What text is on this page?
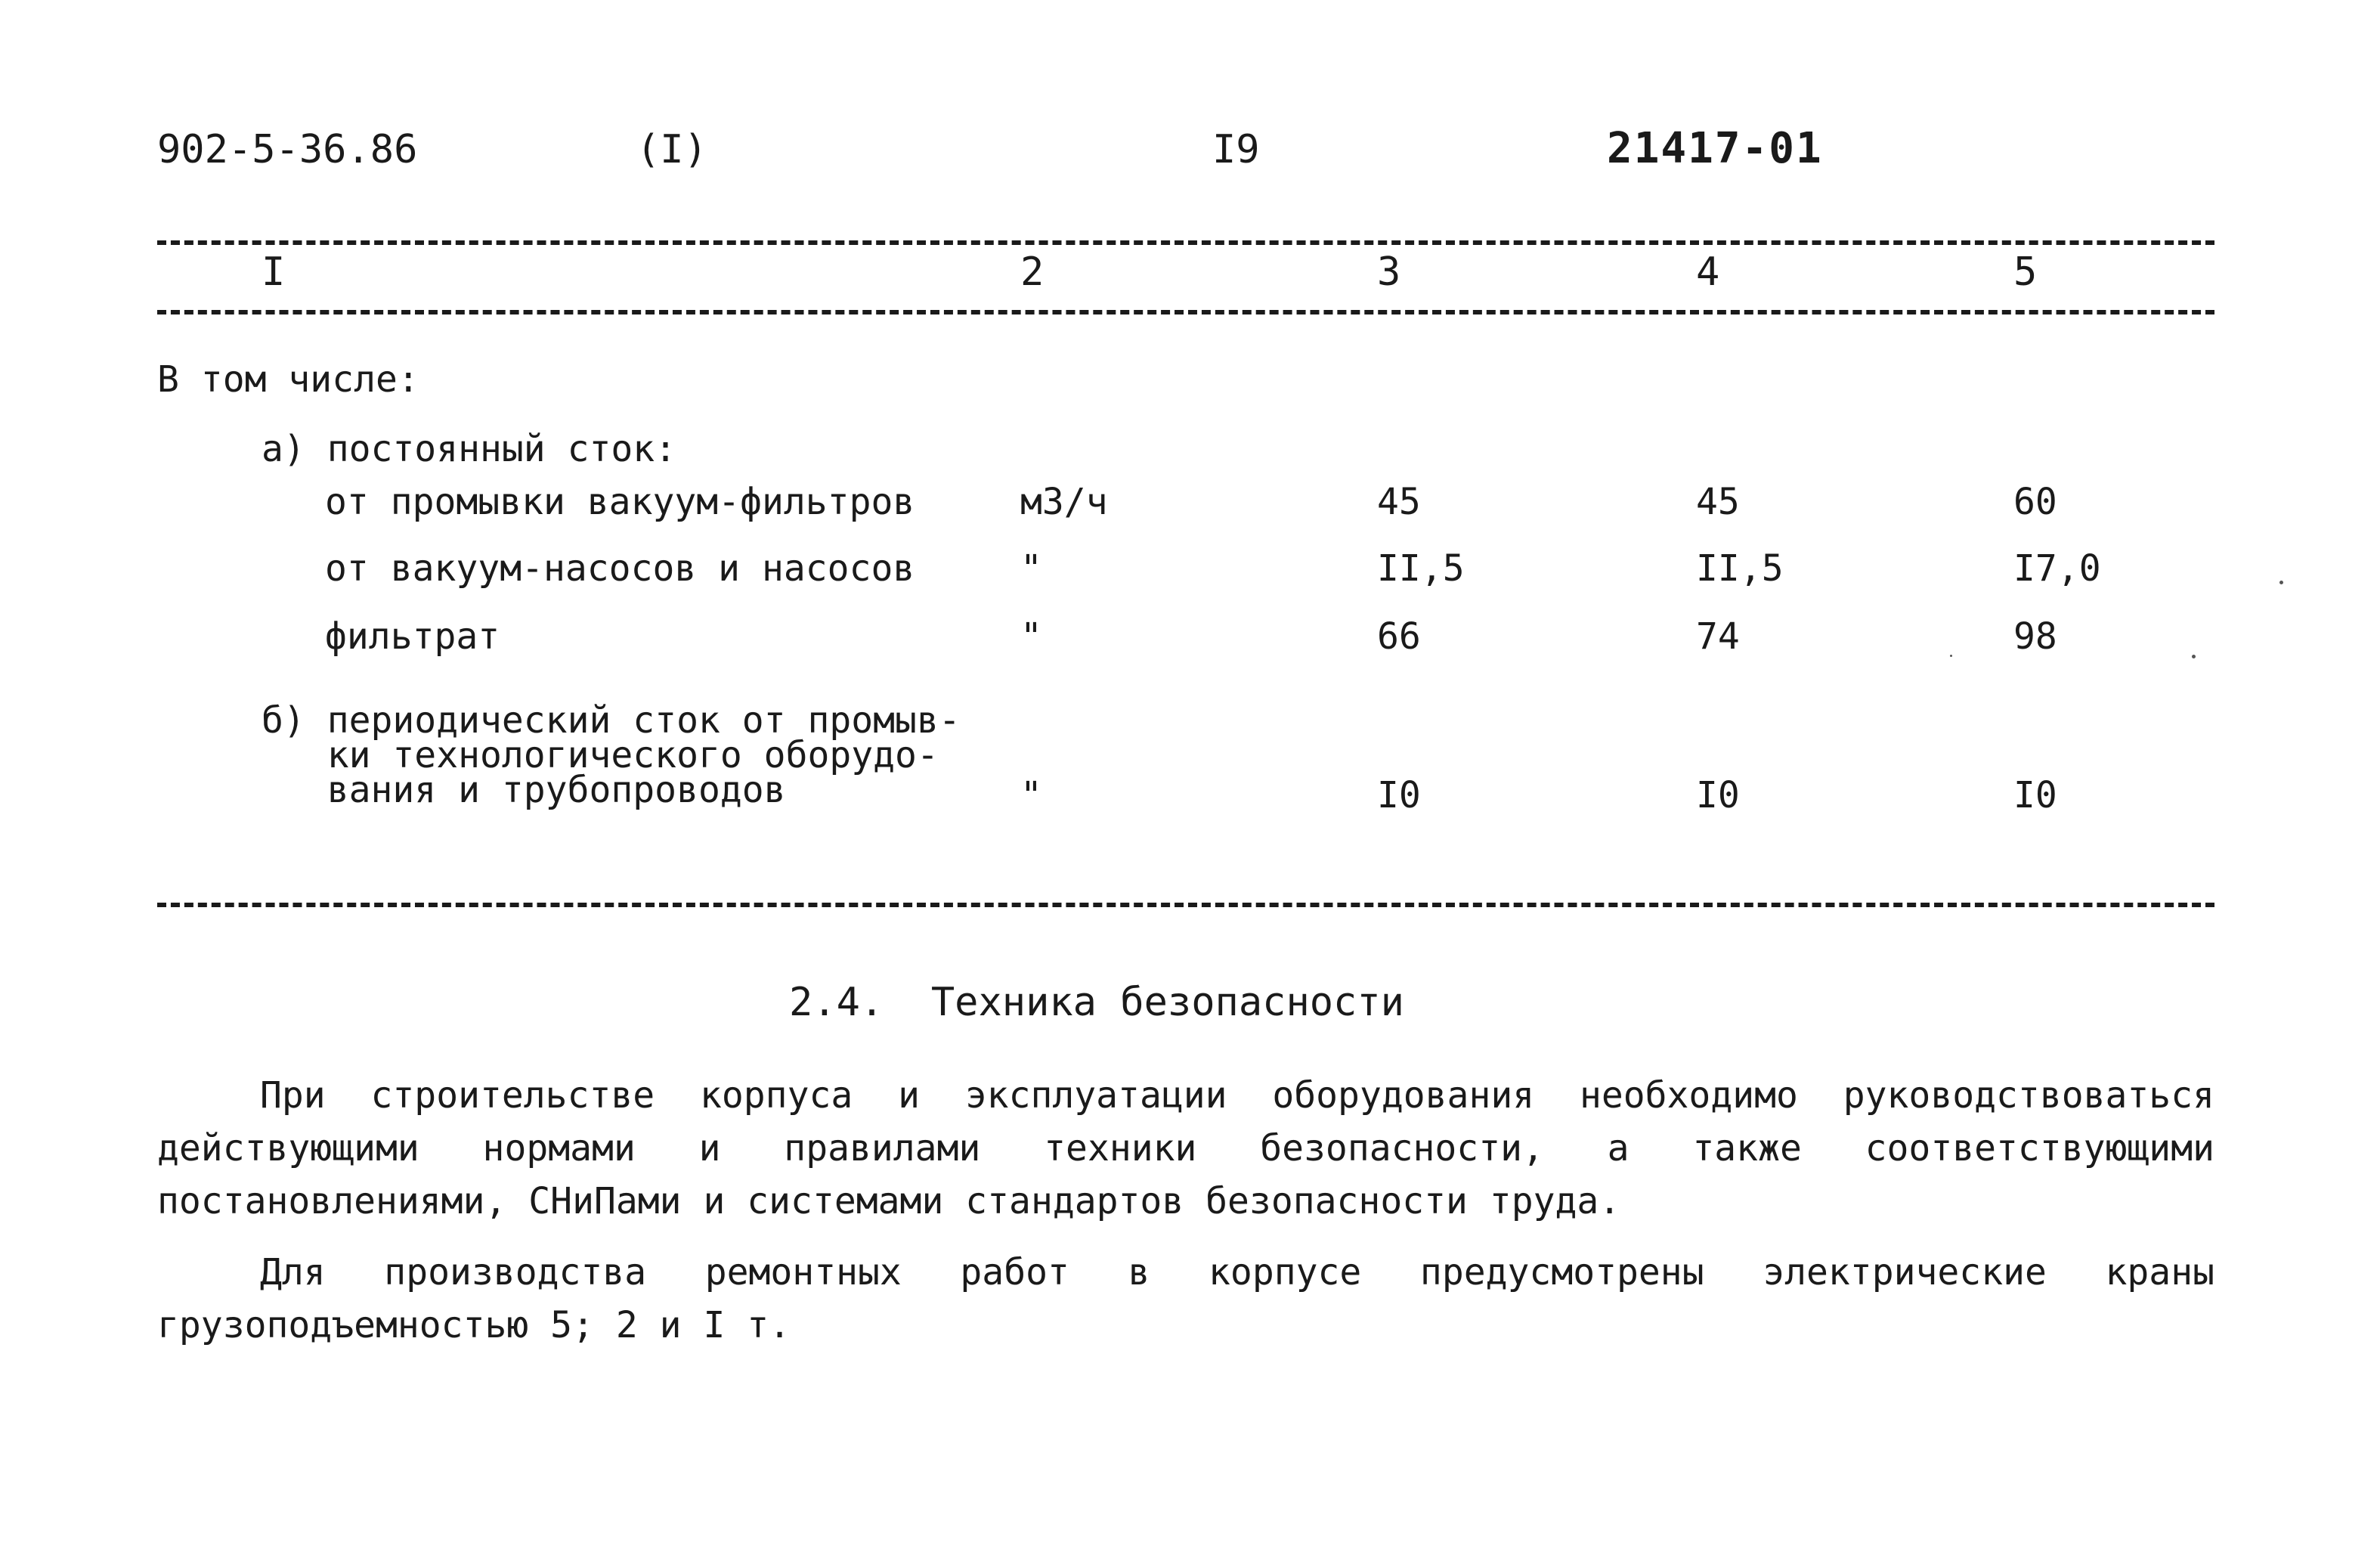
902-5-36.86	(I)	I9	21417-01
I	2	3	4	5
В том числе:
а) постоянный сток:
от промывки вакуум-фильтров	м3/ч	45	45	60
от вакуум-насосов и насосов	"	II,5	II,5	I7,0
фильтрат	"	66	74	98
б) периодический сток от промыв-
ки технологического оборудо-
вания и трубопроводов	"	I0	I0	I0
2.4.  Техника безопасности
При строительстве корпуса и эксплуатации оборудования необходимо руководствоваться действующими нормами и правилами техники безопасности, а также соответствующими постановлениями, СНиПами и системами стандартов безопасности труда.
Для производства ремонтных работ в корпусе предусмотрены электрические краны грузоподъемностью 5; 2 и I т.
